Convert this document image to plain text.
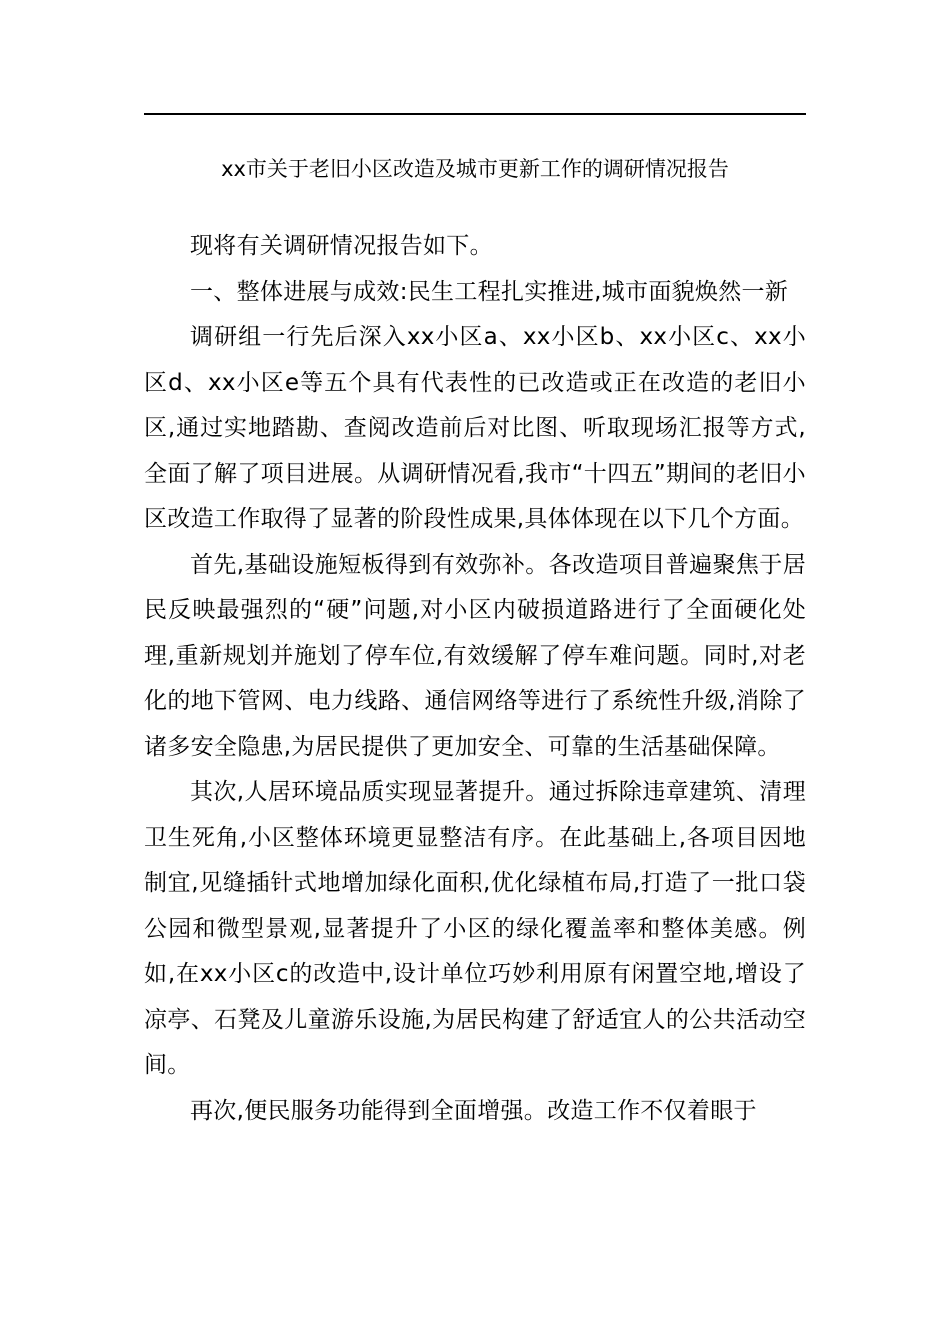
xx市关于老旧小区改造及城市更新工作的调研情况报告

现将有关调研情况报告如下。

一、整体进展与成效:民生工程扎实推进,城市面貌焕然一新

调研组一行先后深入xx小区a、xx小区b、xx小区c、xx小区d、xx小区e等五个具有代表性的已改造或正在改造的老旧小区,通过实地踏勘、查阅改造前后对比图、听取现场汇报等方式,全面了解了项目进展。从调研情况看,我市“十四五”期间的老旧小区改造工作取得了显著的阶段性成果,具体体现在以下几个方面。

首先,基础设施短板得到有效弥补。各改造项目普遍聚焦于居民反映最强烈的“硬”问题,对小区内破损道路进行了全面硬化处理,重新规划并施划了停车位,有效缓解了停车难问题。同时,对老化的地下管网、电力线路、通信网络等进行了系统性升级,消除了诸多安全隐患,为居民提供了更加安全、可靠的生活基础保障。

其次,人居环境品质实现显著提升。通过拆除违章建筑、清理卫生死角,小区整体环境更显整洁有序。在此基础上,各项目因地制宜,见缝插针式地增加绿化面积,优化绿植布局,打造了一批口袋公园和微型景观,显著提升了小区的绿化覆盖率和整体美感。例如,在xx小区c的改造中,设计单位巧妙利用原有闲置空地,增设了凉亭、石凳及儿童游乐设施,为居民构建了舒适宜人的公共活动空间。

再次,便民服务功能得到全面增强。改造工作不仅着眼于
